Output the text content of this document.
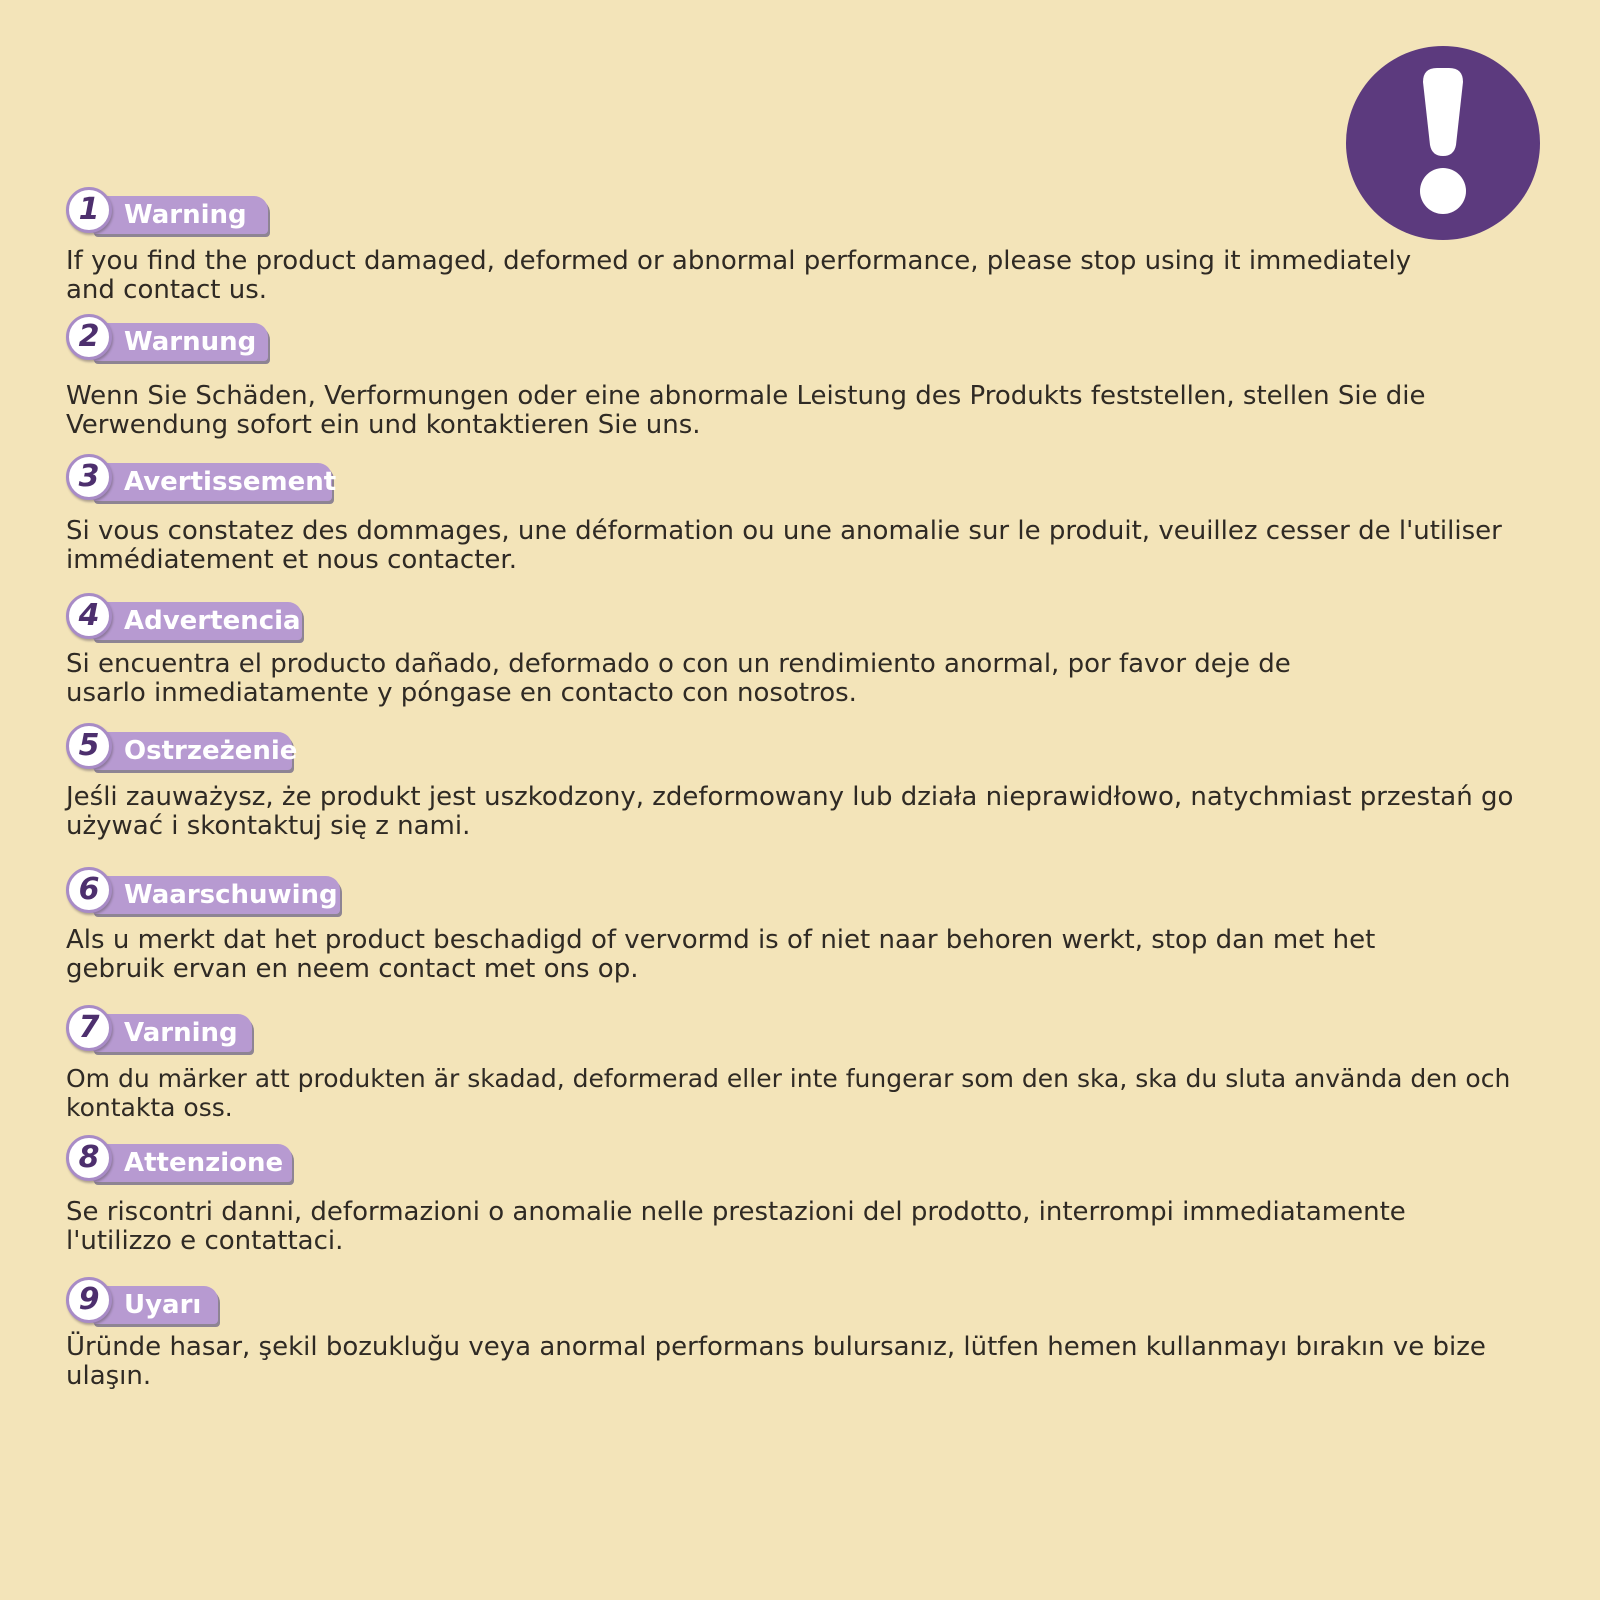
1 Warning

If you find the product damaged, deformed or abnormal performance, please stop using it immediately
and contact us.

2 Warnung

Wenn Sie Schäden, Verformungen oder eine abnormale Leistung des Produkts feststellen, stellen Sie die
Verwendung sofort ein und kontaktieren Sie uns.

3 Avertissement

Si vous constatez des dommages, une déformation ou une anomalie sur le produit, veuillez cesser de l'utiliser
immédiatement et nous contacter.

4 Advertencia

Si encuentra el producto dañado, deformado o con un rendimiento anormal, por favor deje de
usarlo inmediatamente y póngase en contacto con nosotros.

5 Ostrzeżenie

Jeśli zauważysz, że produkt jest uszkodzony, zdeformowany lub działa nieprawidłowo, natychmiast przestań go
używać i skontaktuj się z nami.

6 Waarschuwing

Als u merkt dat het product beschadigd of vervormd is of niet naar behoren werkt, stop dan met het
gebruik ervan en neem contact met ons op.

7 Varning

Om du märker att produkten är skadad, deformerad eller inte fungerar som den ska, ska du sluta använda den och
kontakta oss.

8 Attenzione

Se riscontri danni, deformazioni o anomalie nelle prestazioni del prodotto, interrompi immediatamente
l'utilizzo e contattaci.

9 Uyarı

Üründe hasar, şekil bozukluğu veya anormal performans bulursanız, lütfen hemen kullanmayı bırakın ve bize
ulaşın.
